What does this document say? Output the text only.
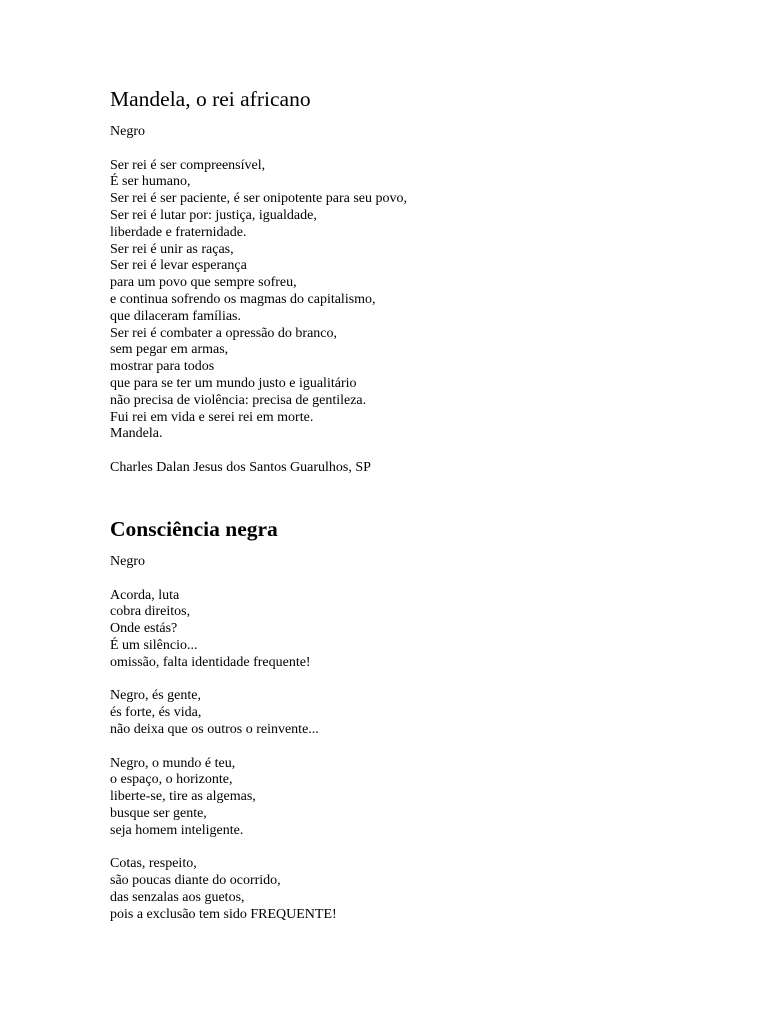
Mandela, o rei africano

Negro

Ser rei é ser compreensível,
É ser humano,
Ser rei é ser paciente, é ser onipotente para seu povo,
Ser rei é lutar por: justiça, igualdade,
liberdade e fraternidade.
Ser rei é unir as raças,
Ser rei é levar esperança
para um povo que sempre sofreu,
e continua sofrendo os magmas do capitalismo,
que dilaceram famílias.
Ser rei é combater a opressão do branco,
sem pegar em armas,
mostrar para todos
que para se ter um mundo justo e igualitário
não precisa de violência: precisa de gentileza.
Fui rei em vida e serei rei em morte.
Mandela.

Charles Dalan Jesus dos Santos Guarulhos, SP

Consciência negra

Negro

Acorda, luta
cobra direitos,
Onde estás?
É um silêncio...
omissão, falta identidade frequente!
Negro, és gente,
és forte, és vida,
não deixa que os outros o reinvente...
Negro, o mundo é teu,
o espaço, o horizonte,
liberte-se, tire as algemas,
busque ser gente,
seja homem inteligente.
Cotas, respeito,
são poucas diante do ocorrido,
das senzalas aos guetos,
pois a exclusão tem sido FREQUENTE!
